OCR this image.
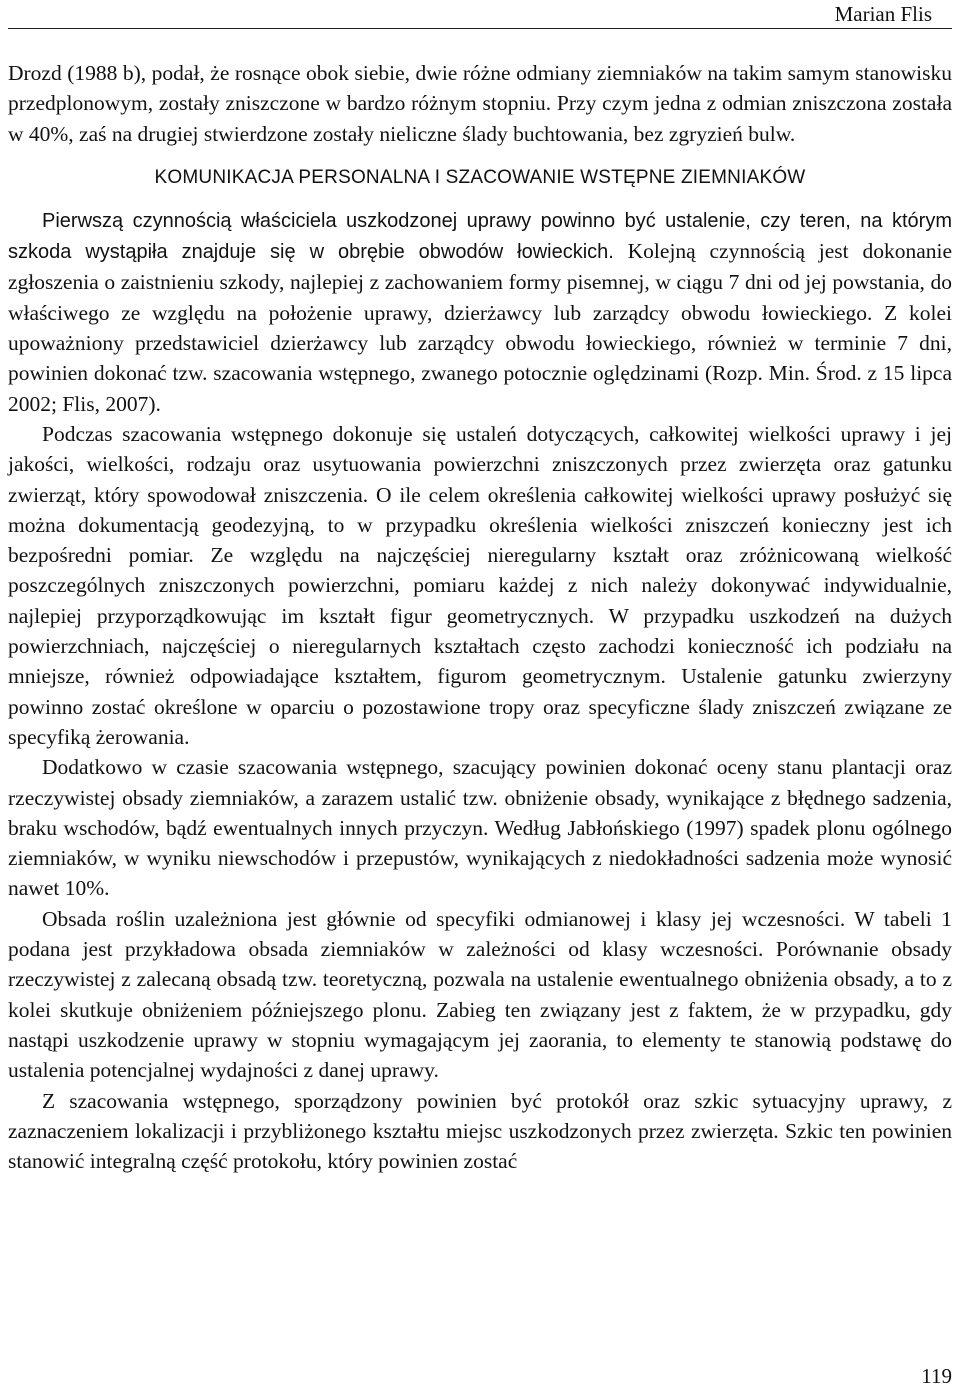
Marian Flis

Drozd (1988 b), podał, że rosnące obok siebie, dwie różne odmiany ziemniaków na takim samym stanowisku przedplonowym, zostały zniszczone w bardzo różnym stopniu. Przy czym jedna z odmian zniszczona została w 40%, zaś na drugiej stwierdzone zostały nieliczne ślady buchtowania, bez zgryzień bulw.

KOMUNIKACJA PERSONALNA I SZACOWANIE WSTĘPNE ZIEMNIAKÓW

Pierwszą czynnością właściciela uszkodzonej uprawy powinno być ustalenie, czy teren, na którym szkoda wystąpiła znajduje się w obrębie obwodów łowieckich. Kolejną czynnością jest dokonanie zgłoszenia o zaistnieniu szkody, najlepiej z zachowaniem formy pisemnej, w ciągu 7 dni od jej powstania, do właściwego ze względu na położenie uprawy, dzierżawcy lub zarządcy obwodu łowieckiego. Z kolei upoważniony przedstawiciel dzierżawcy lub zarządcy obwodu łowieckiego, również w terminie 7 dni, powinien dokonać tzw. szacowania wstępnego, zwanego potocznie oględzinami (Rozp. Min. Środ. z 15 lipca 2002; Flis, 2007).

Podczas szacowania wstępnego dokonuje się ustaleń dotyczących, całkowitej wielkości uprawy i jej jakości, wielkości, rodzaju oraz usytuowania powierzchni zniszczonych przez zwierzęta oraz gatunku zwierząt, który spowodował zniszczenia. O ile celem określenia całkowitej wielkości uprawy posłużyć się można dokumentacją geodezyjną, to w przypadku określenia wielkości zniszczeń konieczny jest ich bezpośredni pomiar. Ze względu na najczęściej nieregularny kształt oraz zróżnicowaną wielkość poszczególnych zniszczonych powierzchni, pomiaru każdej z nich należy dokonywać indywidualnie, najlepiej przyporządkowując im kształt figur geometrycznych. W przypadku uszkodzeń na dużych powierzchniach, najczęściej o nieregularnych kształtach często zachodzi konieczność ich podziału na mniejsze, również odpowiadające kształtem, figurom geometrycznym. Ustalenie gatunku zwierzyny powinno zostać określone w oparciu o pozostawione tropy oraz specyficzne ślady zniszczeń związane ze specyfiką żerowania.

Dodatkowo w czasie szacowania wstępnego, szacujący powinien dokonać oceny stanu plantacji oraz rzeczywistej obsady ziemniaków, a zarazem ustalić tzw. obniżenie obsady, wynikające z błędnego sadzenia, braku wschodów, bądź ewentualnych innych przyczyn. Według Jabłońskiego (1997) spadek plonu ogólnego ziemniaków, w wyniku niewschodów i przepustów, wynikających z niedokładności sadzenia może wynosić nawet 10%.

Obsada roślin uzależniona jest głównie od specyfiki odmianowej i klasy jej wczesności. W tabeli 1 podana jest przykładowa obsada ziemniaków w zależności od klasy wczesności. Porównanie obsady rzeczywistej z zalecaną obsadą tzw. teoretyczną, pozwala na ustalenie ewentualnego obniżenia obsady, a to z kolei skutkuje obniżeniem późniejszego plonu. Zabieg ten związany jest z faktem, że w przypadku, gdy nastąpi uszkodzenie uprawy w stopniu wymagającym jej zaorania, to elementy te stanowią podstawę do ustalenia potencjalnej wydajności z danej uprawy.

Z szacowania wstępnego, sporządzony powinien być protokół oraz szkic sytuacyjny uprawy, z zaznaczeniem lokalizacji i przybliżonego kształtu miejsc uszkodzonych przez zwierzęta. Szkic ten powinien stanowić integralną część protokołu, który powinien zostać

119
